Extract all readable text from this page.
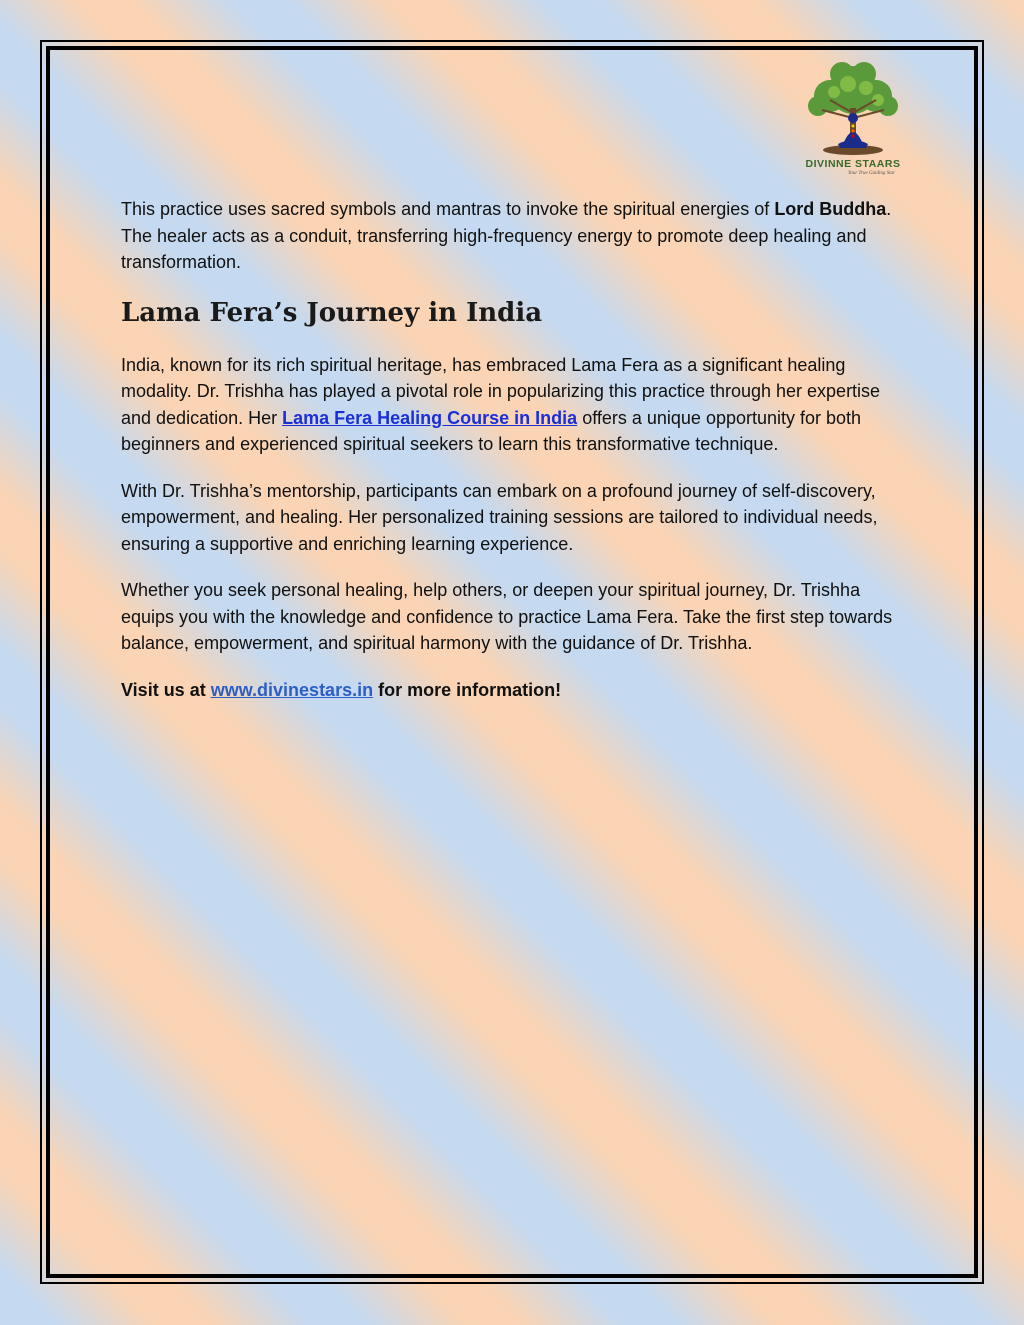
DIVINNE STAARS
Your True Guiding Star

This practice uses sacred symbols and mantras to invoke the spiritual energies of Lord Buddha. The healer acts as a conduit, transferring high-frequency energy to promote deep healing and transformation.

Lama Fera’s Journey in India

India, known for its rich spiritual heritage, has embraced Lama Fera as a significant healing modality. Dr. Trishha has played a pivotal role in popularizing this practice through her expertise and dedication. Her Lama Fera Healing Course in India offers a unique opportunity for both beginners and experienced spiritual seekers to learn this transformative technique.

With Dr. Trishha’s mentorship, participants can embark on a profound journey of self-discovery, empowerment, and healing. Her personalized training sessions are tailored to individual needs, ensuring a supportive and enriching learning experience.

Whether you seek personal healing, help others, or deepen your spiritual journey, Dr. Trishha equips you with the knowledge and confidence to practice Lama Fera. Take the first step towards balance, empowerment, and spiritual harmony with the guidance of Dr. Trishha.

Visit us at www.divinestars.in for more information!
